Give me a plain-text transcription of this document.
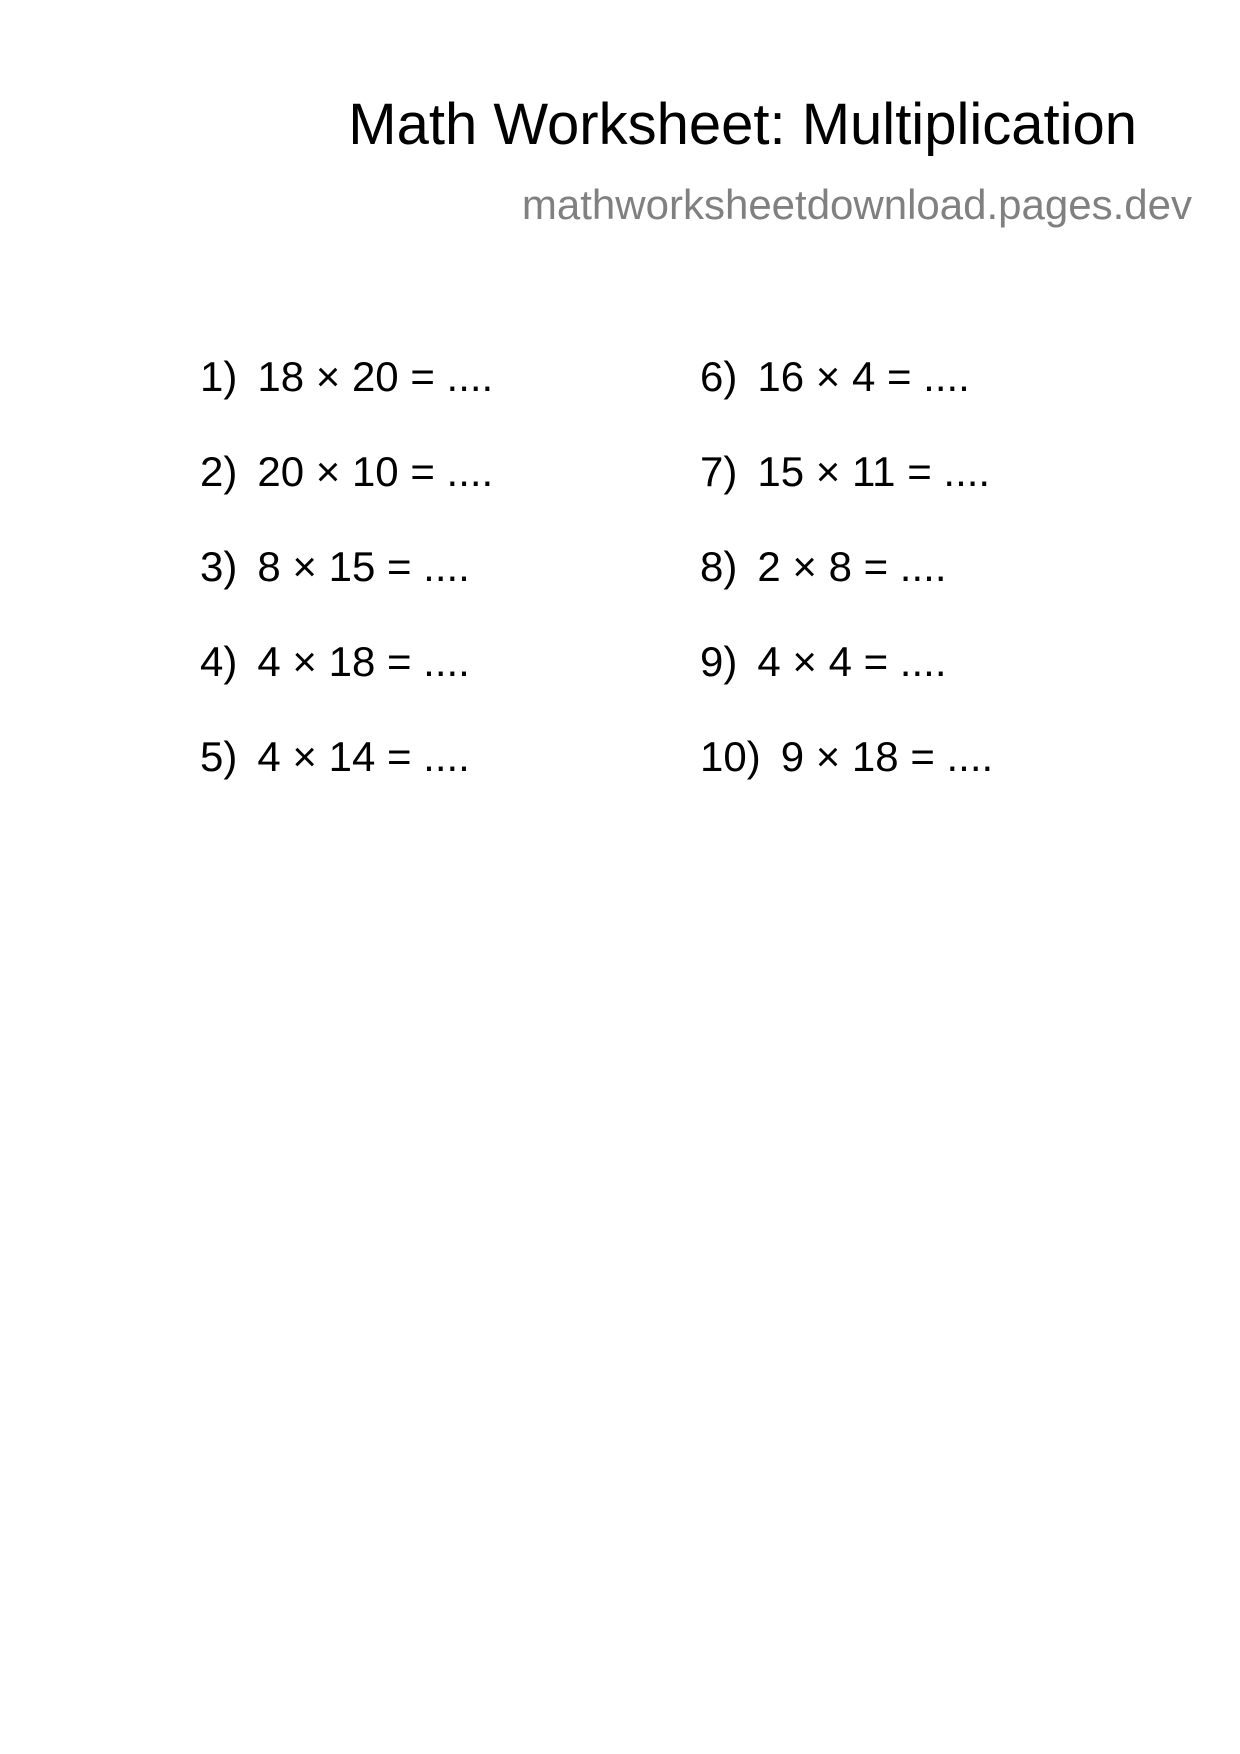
Math Worksheet: Multiplication
mathworksheetdownload.pages.dev
1) 18 × 20 = ....
2) 20 × 10 = ....
3) 8 × 15 = ....
4) 4 × 18 = ....
5) 4 × 14 = ....
6) 16 × 4 = ....
7) 15 × 11 = ....
8) 2 × 8 = ....
9) 4 × 4 = ....
10) 9 × 18 = ....
